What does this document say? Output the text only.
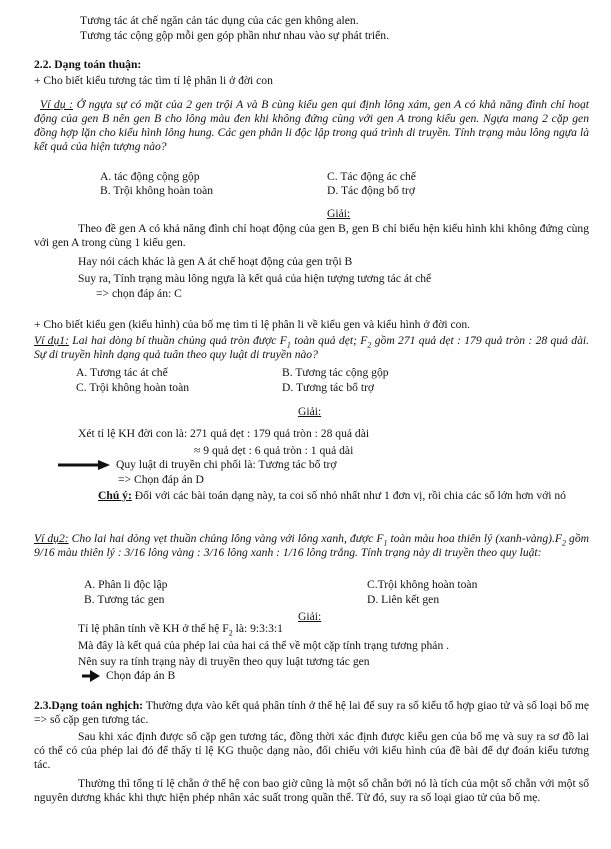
Tương tác át chế ngăn cản tác dụng của các gen không alen.
Tương tác cộng gộp mỗi gen góp phần như nhau vào sự phát triển.
2.2. Dạng toán thuận:
+ Cho biết kiểu tương tác tìm tỉ lệ phân li ở đời con
Ví dụ : Ở ngựa sự có mặt của 2 gen trội A và B cùng kiểu gen qui định lông xám, gen A có khả năng đình chỉ hoạt động của gen B nên gen B cho lông màu đen khi không đứng cùng với gen A trong kiểu gen. Ngựa mang 2 cặp gen đồng hợp lặn cho kiểu hình lông hung. Các gen phân li độc lập trong quá trình di truyền. Tính trạng màu lông ngựa là kết quả của hiện tượng nào?
A. tác động cộng gộp
B. Trội không hoàn toàn
C. Tác động ác chế
D. Tác động bổ trợ
Giải:
Theo đề gen A có khả năng đình chỉ hoạt động của gen B, gen B chỉ biểu hện kiểu hình khi không đứng cùng với gen A trong cùng 1 kiểu gen.
Hay nói cách khác là gen A át chế hoạt động của gen trội B
Suy ra, Tính trạng màu lông ngựa là kết quả của hiện tượng tương tác át chế
=> chọn đáp án: C
+ Cho biết kiểu gen (kiểu hình) của bố mẹ tìm tỉ lệ phân li về kiểu gen và kiểu hình ở đời con.
Ví dụ1: Lai hai dòng bí thuần chủng quả tròn được $F_1$ toàn quả dẹt; $F_2$ gồm 271 quả dẹt : 179 quả tròn : 28 quả dài. Sự di truyền hình dạng quả tuân theo quy luật di truyền nào?
A. Tương tác át chế
C. Trội không hoàn toàn
B. Tương tác cộng gộp
D. Tương tác bổ trợ
Giải:
Xét tỉ lệ KH đời con là: 271 quả dẹt : 179 quả tròn : 28 quả dài
≈ 9 quả dẹt : 6 quả tròn : 1 quả dài
Quy luật di truyền chi phối là: Tương tác bổ trợ
=> Chọn đáp án D
Chú ý: Đối với các bài toán dạng này, ta coi số nhỏ nhất như 1 đơn vị, rồi chia các số lớn hơn với nó
Ví dụ2: Cho lai hai dòng vẹt thuần chủng lông vàng với lông xanh, được $F_1$ toàn màu hoa thiên lý $(xanh-vàng).F_2$ gồm 9/16 màu thiên lý : 3/16 lông vàng : 3/16 lông xanh : 1/16 lông trắng. Tính trạng này di truyền theo quy luật:
A. Phân li độc lập
B. Tương tác gen
C.Trội không hoàn toàn
D. Liên kết gen
Giải:
Tỉ lệ phân tính về KH ở thế hệ $F_2$ là: 9:3:3:1
Mà đây là kết quả của phép lai của hai cá thể về một cặp tính trạng tương phản .
Nên suy ra tính trạng này di truyền theo quy luật tương tác gen
Chọn đáp án B
2.3.Dạng toán nghịch: Thường dựa vào kết quả phân tính ở thế hệ lai để suy ra số kiểu tổ hợp giao tử và số loại bố mẹ => số cặp gen tương tác.
Sau khi xác định được số cặp gen tương tác, đồng thời xác định được kiểu gen của bố mẹ và suy ra sơ đồ lai có thể có của phép lai đó để thấy tỉ lệ KG thuộc dạng nào, đối chiếu với kiểu hình của đề bài để dự đoán kiểu tương tác.
Thường thì tổng tỉ lệ chẵn ở thế hệ con bao giờ cũng là một số chẵn bởi nó là tích của một số chẵn với một số nguyên dương khác khi thực hiện phép nhân xác suất trong quần thể. Từ đó, suy ra số loại giao tử của bố mẹ.
